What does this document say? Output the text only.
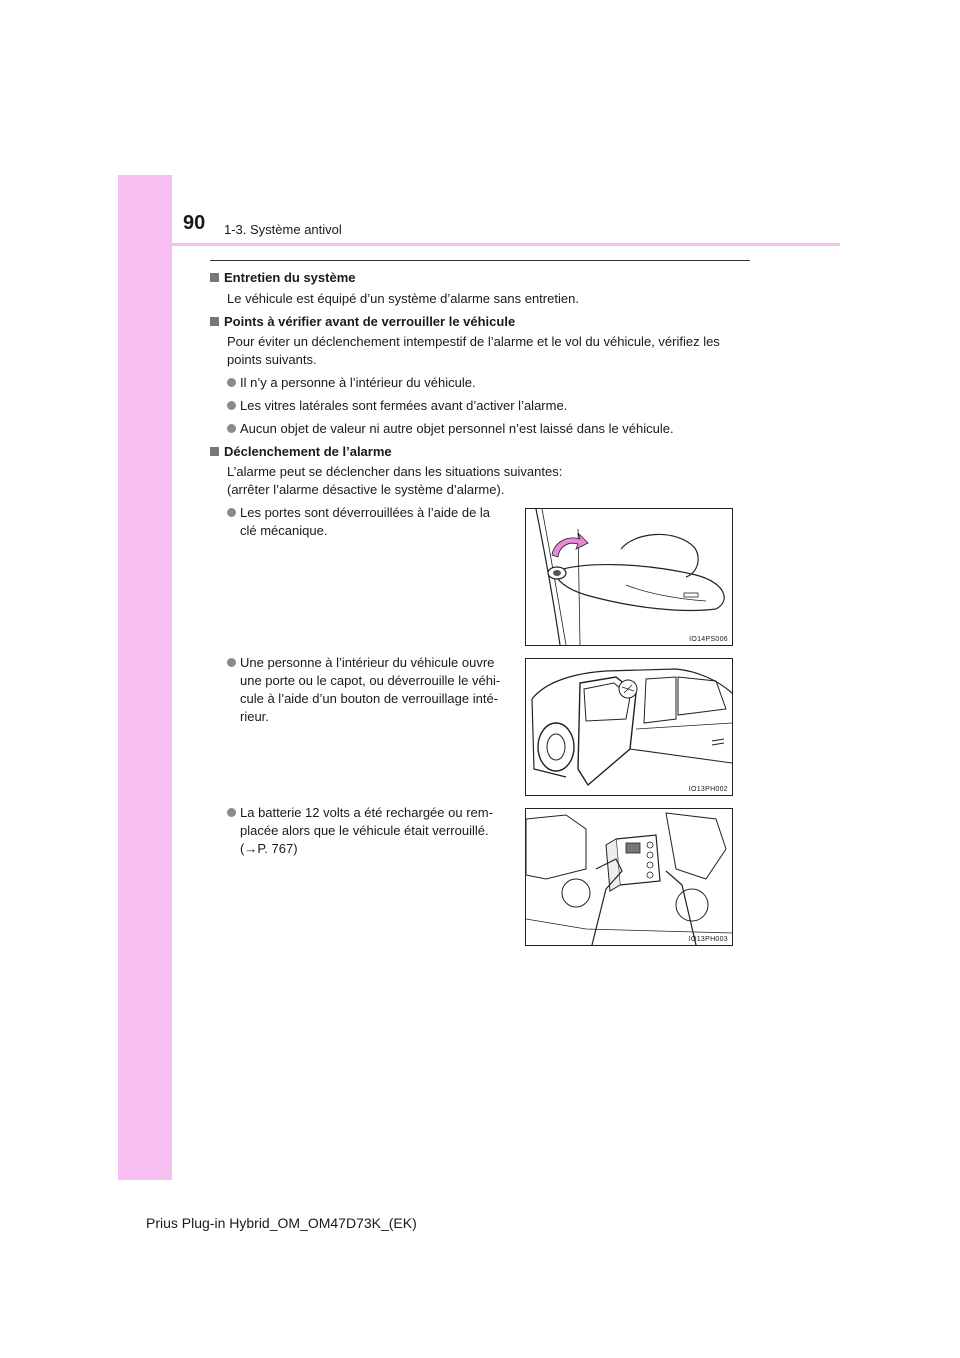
90 1-3. Système antivol
Entretien du système
Le véhicule est équipé d’un système d’alarme sans entretien.
Points à vérifier avant de verrouiller le véhicule
Pour éviter un déclenchement intempestif de l’alarme et le vol du véhicule, vérifiez les
points suivants.
Il n’y a personne à l’intérieur du véhicule.
Les vitres latérales sont fermées avant d’activer l’alarme.
Aucun objet de valeur ni autre objet personnel n’est laissé dans le véhicule.
Déclenchement de l’alarme
L’alarme peut se déclencher dans les situations suivantes:
(arrêter l’alarme désactive le système d’alarme).
Les portes sont déverrouillées à l’aide de la
clé mécanique.
Une personne à l’intérieur du véhicule ouvre
une porte ou le capot, ou déverrouille le véhi-
cule à l’aide d’un bouton de verrouillage inté-
rieur.
La batterie 12 volts a été rechargée ou rem-
placée alors que le véhicule était verrouillé.
(→P. 767)
IO14PS006
IO13PH002
IO13PH003
Prius Plug-in Hybrid_OM_OM47D73K_(EK)
